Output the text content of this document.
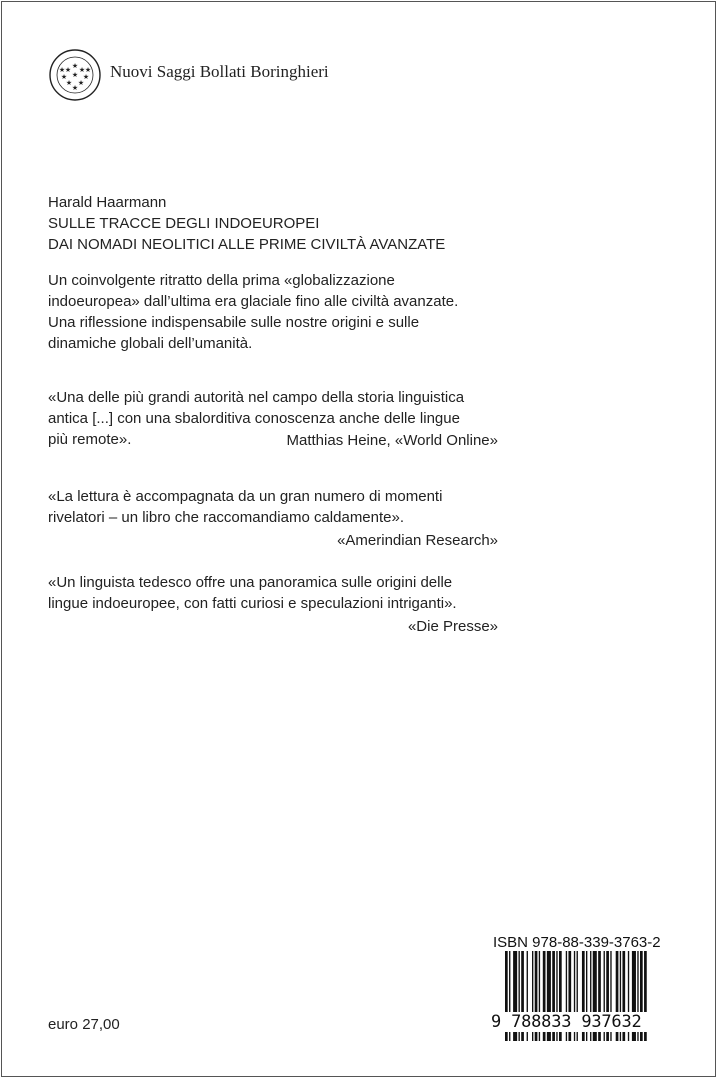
★
★ ★
★ ★ ★
★ ★
★
★	★ Nuovi Saggi Bollati Boringhieri
Harald Haarmann
SULLE TRACCE DEGLI INDOEUROPEI
DAI NOMADI NEOLITICI ALLE PRIME CIVILTÀ AVANZATE
Un coinvolgente ritratto della prima «globalizzazione
indoeuropea» dall’ultima era glaciale fino alle civiltà avanzate.
Una riflessione indispensabile sulle nostre origini e sulle
dinamiche globali dell’umanità.
«Una delle più grandi autorità nel campo della storia linguistica
antica [...] con una sbalorditiva conoscenza anche delle lingue
più remote».	Matthias Heine, «World Online»
«La lettura è accompagnata da un gran numero di momenti
rivelatori – un libro che raccomandiamo caldamente».
«Amerindian Research»
«Un linguista tedesco offre una panoramica sulle origini delle
lingue indoeuropee, con fatti curiosi e speculazioni intriganti».
«Die Presse»
euro 27,00
ISBN 978-88-339-3763-2
9 788833 937632
